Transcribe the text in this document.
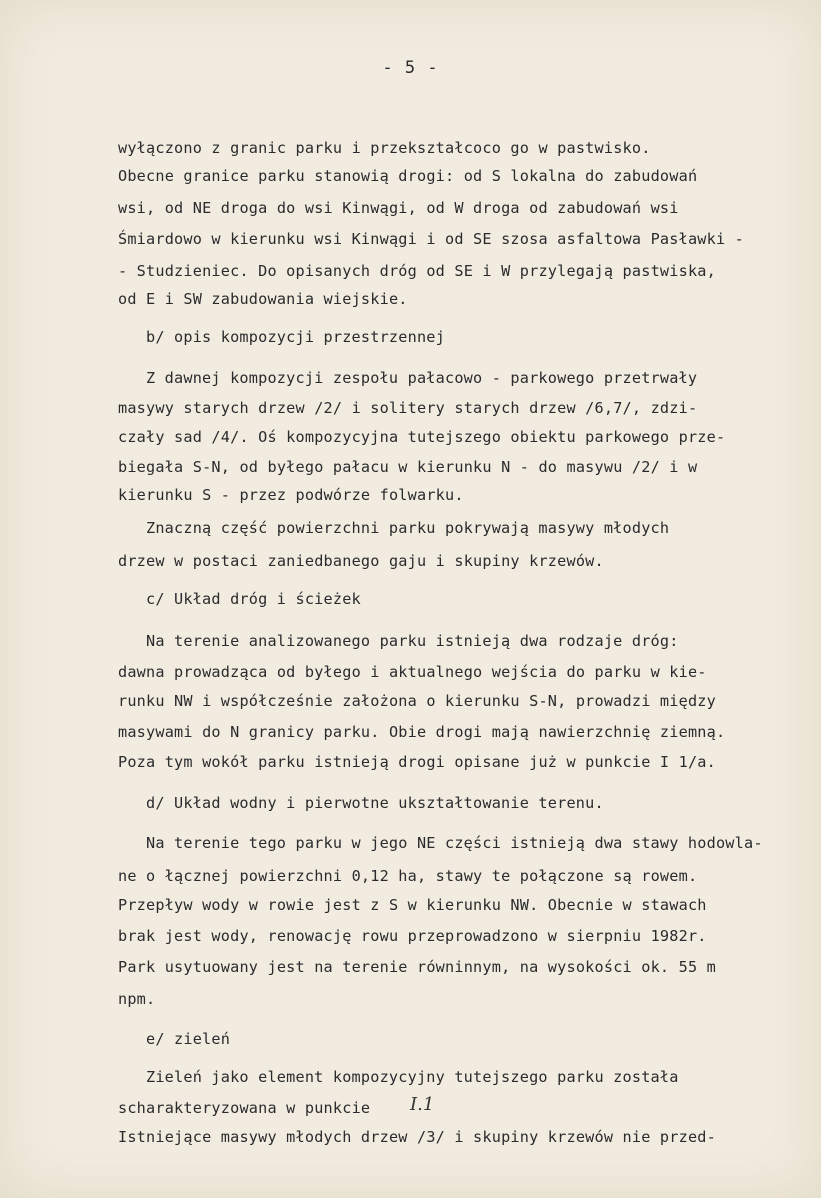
- 5 -
wyłączono z granic parku i przekształcoco go w pastwisko.
Obecne granice parku stanowią drogi: od S lokalna do zabudowań
wsi, od NE droga do wsi Kinwągi, od W droga od zabudowań wsi
Śmiardowo w kierunku wsi Kinwągi i od SE szosa asfaltowa Pasławki -
- Studzieniec. Do opisanych dróg od SE i W przylegają pastwiska,
od E i SW zabudowania wiejskie.
b/ opis kompozycji przestrzennej
Z dawnej kompozycji zespołu pałacowo - parkowego przetrwały
masywy starych drzew /2/ i solitery starych drzew /6,7/, zdzi-
czały sad /4/. Oś kompozycyjna tutejszego obiektu parkowego prze-
biegała S-N, od byłego pałacu w kierunku N - do masywu /2/ i w
kierunku S - przez podwórze folwarku.
Znaczną część powierzchni parku pokrywają masywy młodych
drzew w postaci zaniedbanego gaju i skupiny krzewów.
c/ Układ dróg i ścieżek
Na terenie analizowanego parku istnieją dwa rodzaje dróg:
dawna prowadząca od byłego i aktualnego wejścia do parku w kie-
runku NW i współcześnie założona o kierunku S-N, prowadzi między
masywami do N granicy parku. Obie drogi mają nawierzchnię ziemną.
Poza tym wokół parku istnieją drogi opisane już w punkcie I 1/a.
d/ Układ wodny i pierwotne ukształtowanie terenu.
Na terenie tego parku w jego NE części istnieją dwa stawy hodowla-
ne o łącznej powierzchni 0,12 ha, stawy te połączone są rowem.
Przepływ wody w rowie jest z S w kierunku NW. Obecnie w stawach
brak jest wody, renowację rowu przeprowadzono w sierpniu 1982r.
Park usytuowany jest na terenie równinnym, na wysokości ok. 55 m
npm.
e/ zieleń
Zieleń jako element kompozycyjny tutejszego parku została
scharakteryzowana w punkcie I.1
Istniejące masywy młodych drzew /3/ i skupiny krzewów nie przed-
